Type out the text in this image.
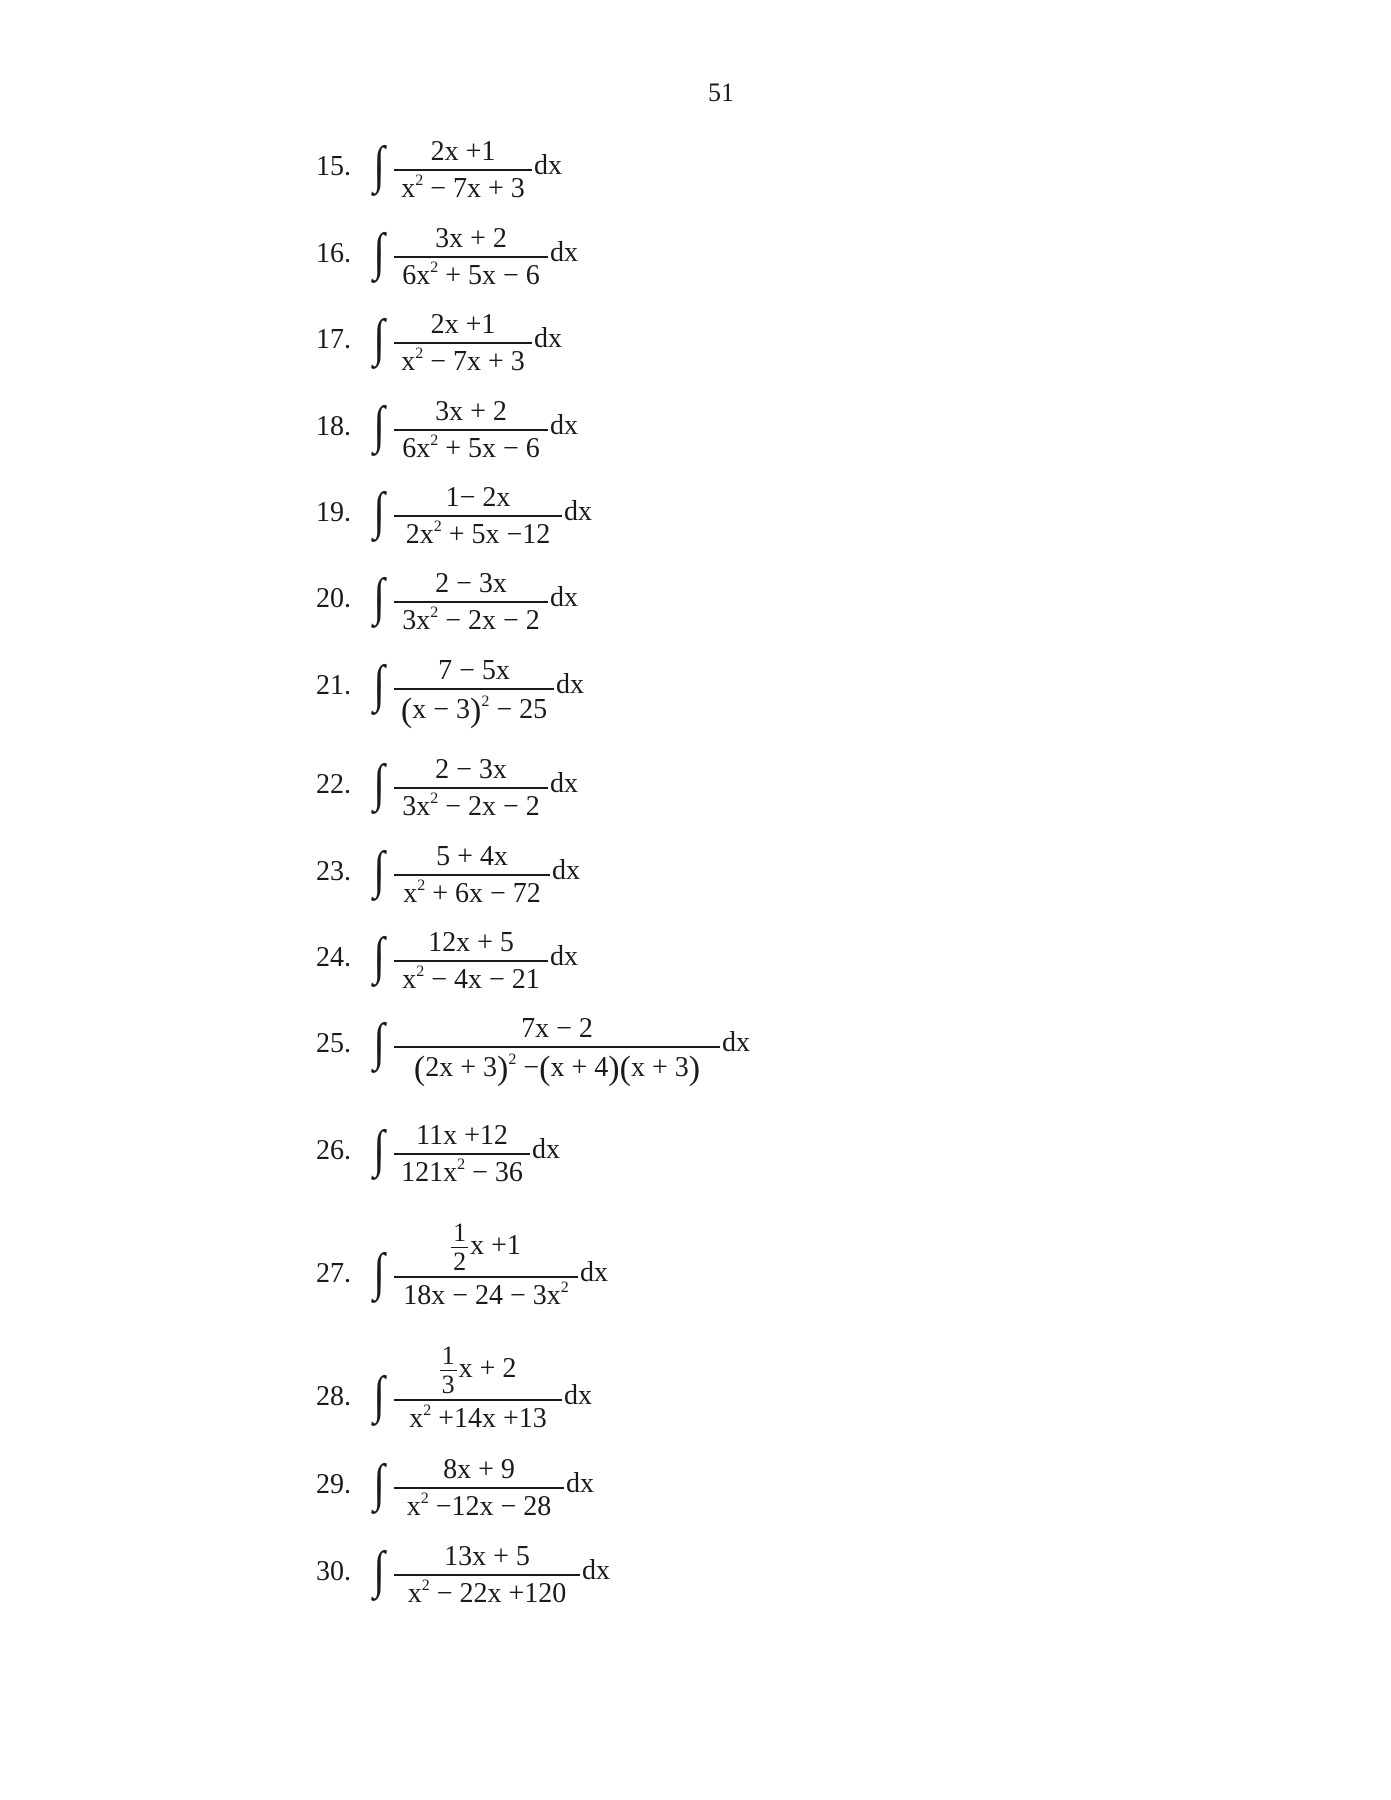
51
15. ∫	2x +1
$x^2 - 7x + 3$
dx
16. ∫	3x + 2
$6x^2 + 5x - 6$
dx
17. ∫	2x +1
$x^2 - 7x + 3$
dx
18. ∫	3x + 2
$6x^2 + 5x - 6$
dx
19. ∫	1− 2x
$2x^2 + 5x -12$
dx
20. ∫	2 − 3x
$3x^2 - 2x - 2$
dx
21. ∫	7 − 5x
$(x - 3)^2 - 25$
dx
22. ∫	2 − 3x
$3x^2 - 2x - 2$
dx
23. ∫	5 + 4x
$x^2 + 6x - 72$
dx
24. ∫	12x + 5
$x^2 - 4x - 21$
dx
25. ∫	7x − 2
$(2x + 3)^2 -(x + 4)(x + 3)$
dx
26. ∫	11x +12
$121x^2 - 36$
dx
27. ∫	$\frac{1}{2}$ x +1
$18x - 24 - 3x^2$ dx
28. ∫ $\frac{1}{3}$ x + 2
$x^2 +14x +13$
dx
29. ∫	8x + 9
$x^2 -12x - 28$
dx
30. ∫	13x + 5
$x^2 - 22x +120$
dx
